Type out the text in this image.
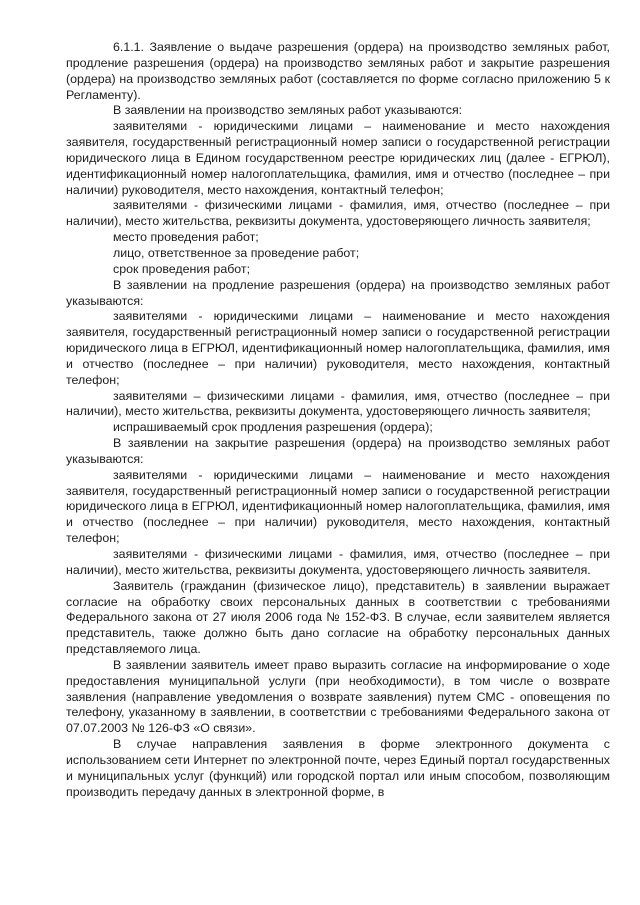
6.1.1. Заявление о выдаче разрешения (ордера) на производство земляных работ, продление разрешения (ордера) на производство земляных работ и закрытие разрешения (ордера) на производство земляных работ (составляется по форме согласно приложению 5 к Регламенту).

В заявлении на производство земляных работ указываются:

заявителями - юридическими лицами – наименование и место нахождения заявителя, государственный регистрационный номер записи о государственной регистрации юридического лица в Едином государственном реестре юридических лиц (далее - ЕГРЮЛ), идентификационный номер налогоплательщика, фамилия, имя и отчество (последнее – при наличии) руководителя, место нахождения, контактный телефон;

заявителями - физическими лицами - фамилия, имя, отчество (последнее – при наличии), место жительства, реквизиты документа, удостоверяющего личность заявителя;

место проведения работ;

лицо, ответственное за проведение работ;

срок проведения работ;

В заявлении на продление разрешения (ордера) на производство земляных работ указываются:

заявителями - юридическими лицами – наименование и место нахождения заявителя, государственный регистрационный номер записи о государственной регистрации юридического лица в ЕГРЮЛ, идентификационный номер налогоплательщика, фамилия, имя и отчество (последнее – при наличии) руководителя, место нахождения, контактный телефон;

заявителями – физическими лицами - фамилия, имя, отчество (последнее – при наличии), место жительства, реквизиты документа, удостоверяющего личность заявителя;

испрашиваемый срок продления разрешения (ордера);

В заявлении на закрытие разрешения (ордера) на производство земляных работ указываются:

заявителями - юридическими лицами – наименование и место нахождения заявителя, государственный регистрационный номер записи о государственной регистрации юридического лица в ЕГРЮЛ, идентификационный номер налогоплательщика, фамилия, имя и отчество (последнее – при наличии) руководителя, место нахождения, контактный телефон;

заявителями - физическими лицами - фамилия, имя, отчество (последнее – при наличии), место жительства, реквизиты документа, удостоверяющего личность заявителя.

Заявитель (гражданин (физическое лицо), представитель) в заявлении выражает согласие на обработку своих персональных данных в соответствии с требованиями Федерального закона от 27 июля 2006 года № 152-ФЗ. В случае, если заявителем является представитель, также должно быть дано согласие на обработку персональных данных представляемого лица.

В заявлении заявитель имеет право выразить согласие на информирование о ходе предоставления муниципальной услуги (при необходимости), в том числе о возврате заявления (направление уведомления о возврате заявления) путем СМС - оповещения по телефону, указанному в заявлении, в соответствии с требованиями Федерального закона от 07.07.2003 № 126-ФЗ «О связи».

В случае направления заявления в форме электронного документа с использованием сети Интернет по электронной почте, через Единый портал государственных и муниципальных услуг (функций) или городской портал или иным способом, позволяющим производить передачу данных в электронной форме, в
